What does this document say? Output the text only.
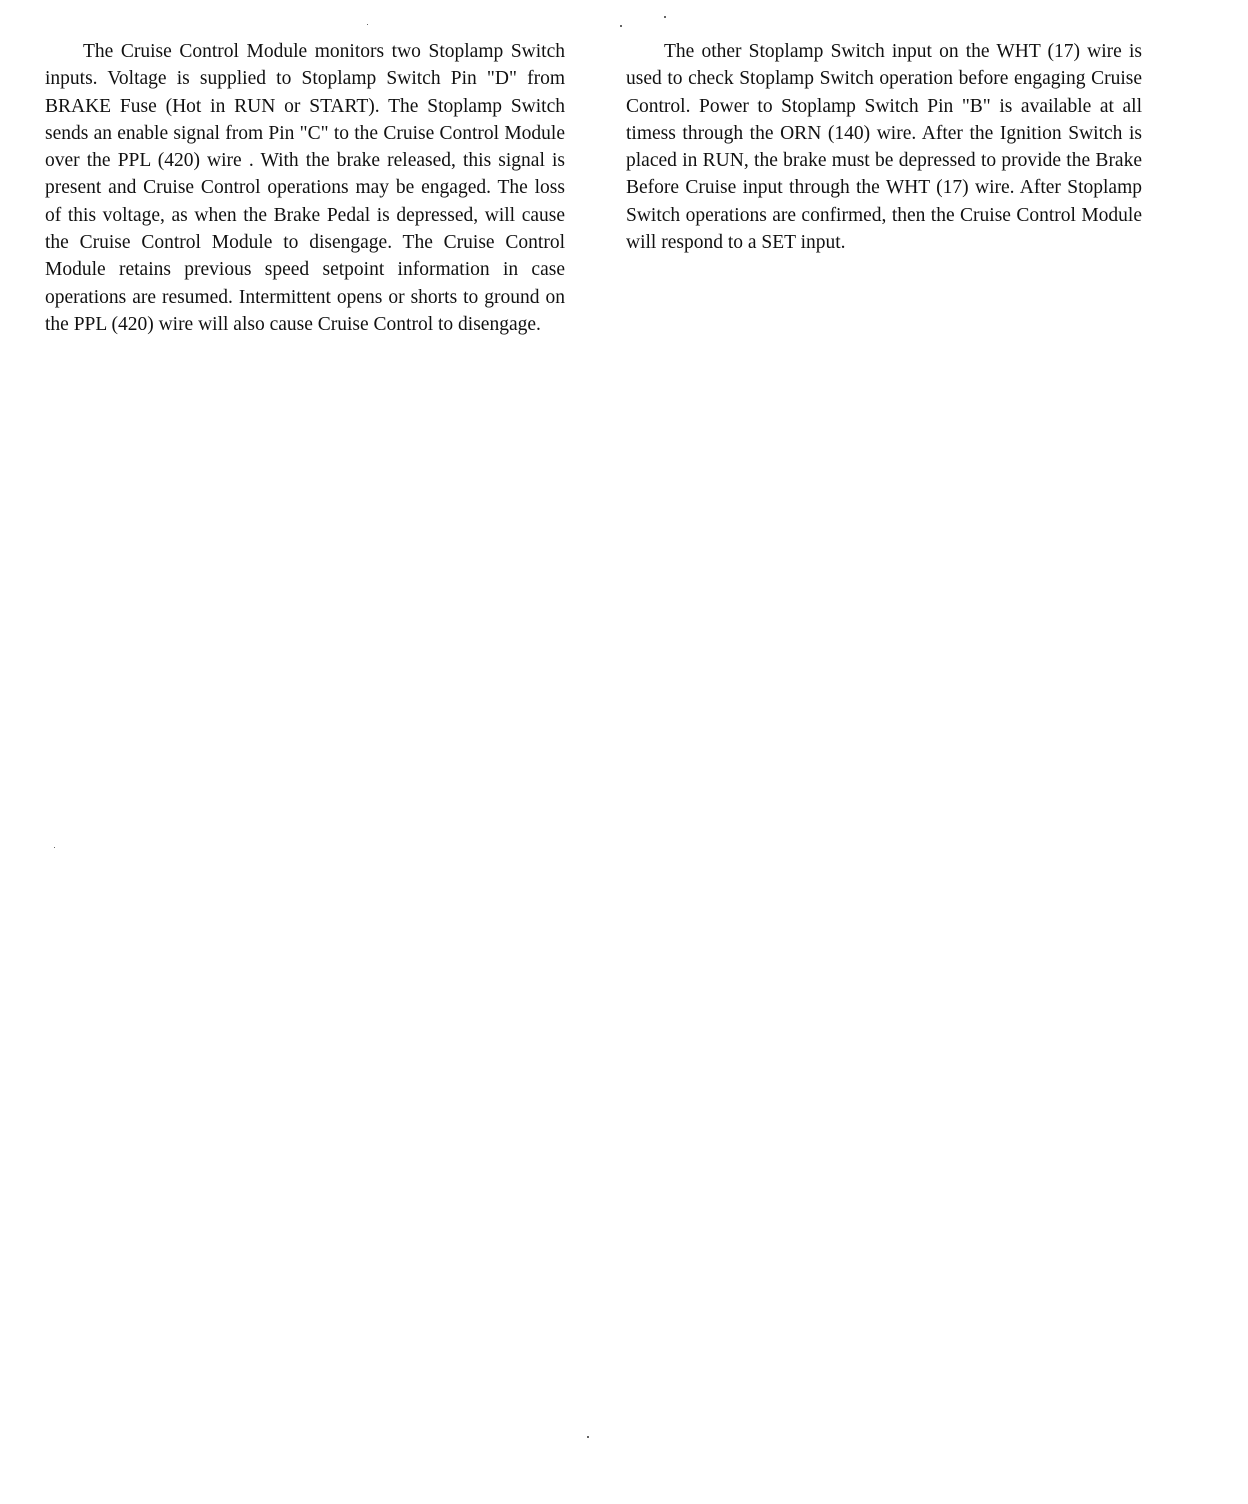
The Cruise Control Module monitors two Stoplamp Switch inputs. Voltage is supplied to Stoplamp Switch Pin "D" from BRAKE Fuse (Hot in RUN or START). The Stoplamp Switch sends an enable signal from Pin "C" to the Cruise Control Module over the PPL (420) wire . With the brake released, this signal is present and Cruise Control operations may be engaged. The loss of this voltage, as when the Brake Pedal is depressed, will cause the Cruise Control Module to disengage. The Cruise Control Module retains previous speed setpoint information in case operations are resumed. Intermittent opens or shorts to ground on the PPL (420) wire will also cause Cruise Control to disengage.

The other Stoplamp Switch input on the WHT (17) wire is used to check Stoplamp Switch operation before engaging Cruise Control. Power to Stoplamp Switch Pin "B" is available at all timess through the ORN (140) wire. After the Ignition Switch is placed in RUN, the brake must be depressed to provide the Brake Before Cruise input through the WHT (17) wire. After Stoplamp Switch operations are confirmed, then the Cruise Control Module will respond to a SET input.
